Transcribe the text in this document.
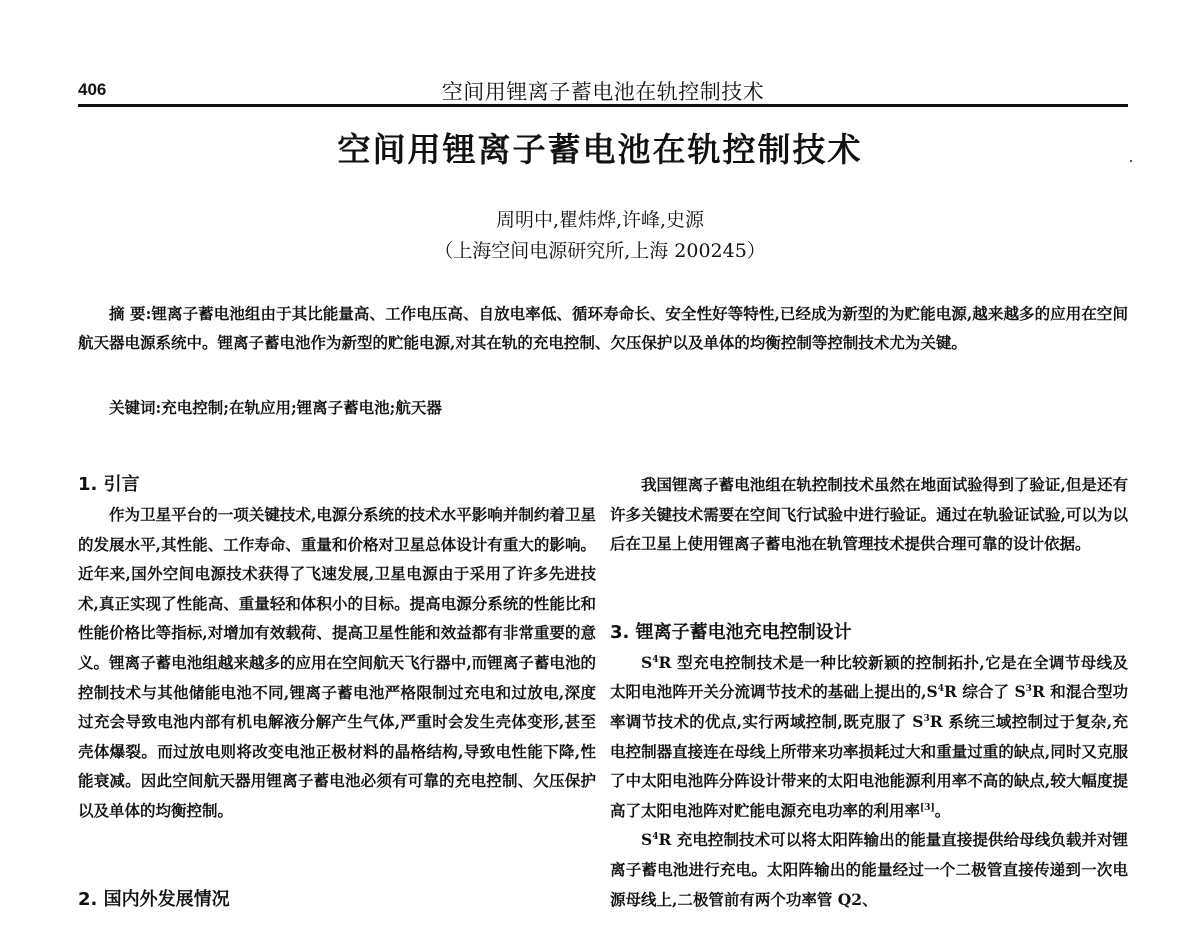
406	空间用锂离子蓄电池在轨控制技术
空间用锂离子蓄电池在轨控制技术
周明中,瞿炜烨,许峰,史源
（上海空间电源研究所,上海 200245）

摘 要:锂离子蓄电池组由于其比能量高、工作电压高、自放电率低、循环寿命长、安全性好等特性,已经成为新型的为贮能电源,越来越多的应用在空间航天器电源系统中。锂离子蓄电池作为新型的贮能电源,对其在轨的充电控制、欠压保护以及单体的均衡控制等控制技术尤为关键。

关键词:充电控制;在轨应用;锂离子蓄电池;航天器

1. 引言

作为卫星平台的一项关键技术,电源分系统的技术水平影响并制约着卫星的发展水平,其性能、工作寿命、重量和价格对卫星总体设计有重大的影响。近年来,国外空间电源技术获得了飞速发展,卫星电源由于采用了许多先进技术,真正实现了性能高、重量轻和体积小的目标。提高电源分系统的性能比和性能价格比等指标,对增加有效载荷、提高卫星性能和效益都有非常重要的意义。锂离子蓄电池组越来越多的应用在空间航天飞行器中,而锂离子蓄电池的控制技术与其他储能电池不同,锂离子蓄电池严格限制过充电和过放电,深度过充会导致电池内部有机电解液分解产生气体,严重时会发生壳体变形,甚至壳体爆裂。而过放电则将改变电池正极材料的晶格结构,导致电性能下降,性能衰减。因此空间航天器用锂离子蓄电池必须有可靠的充电控制、欠压保护以及单体的均衡控制。

2. 国内外发展情况

我国锂离子蓄电池组在轨控制技术虽然在地面试验得到了验证,但是还有许多关键技术需要在空间飞行试验中进行验证。通过在轨验证试验,可以为以后在卫星上使用锂离子蓄电池在轨管理技术提供合理可靠的设计依据。

3. 锂离子蓄电池充电控制设计

$S^4R$ 型充电控制技术是一种比较新颖的控制拓扑,它是在全调节母线及太阳电池阵开关分流调节技术的基础上提出的$,S^4R$ 综合了 $S^3R$ 和混合型功率调节技术的优点,实行两域控制,既克服了 $S^3R$ 系统三域控制过于复杂,充电控制器直接连在母线上所带来功率损耗过大和重量过重的缺点,同时又克服了中太阳电池阵分阵设计带来的太阳电池能源利用率不高的缺点,较大幅度提高了太阳电池阵对贮能电源充电功率的利用率[3]。

$S^4R$ 充电控制技术可以将太阳阵输出的能量直接提供给母线负载并对锂离子蓄电池进行充电。太阳阵输出的能量经过一个二极管直接传递到一次电源母线上,二极管前有两个功率管 Q2、
